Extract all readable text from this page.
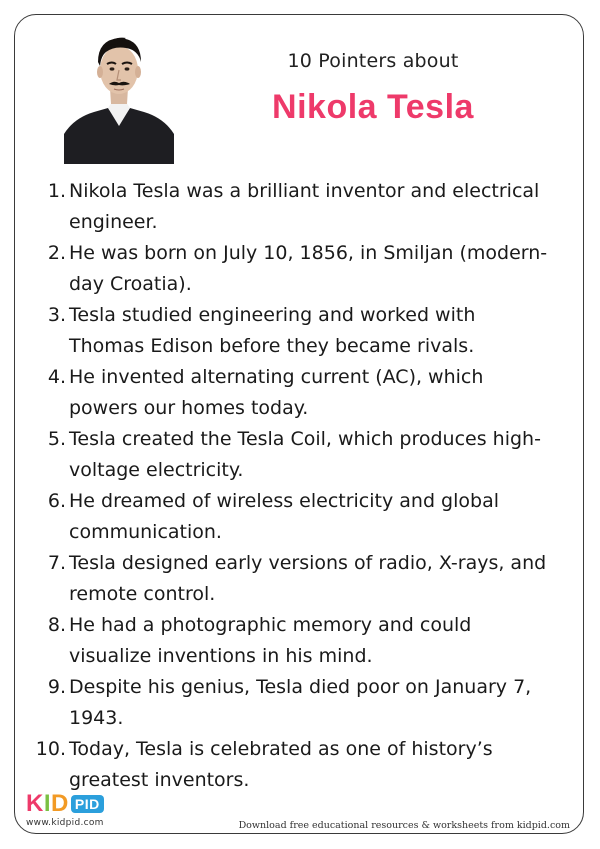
10 Pointers about
Nikola Tesla
1. Nikola Tesla was a brilliant inventor and electrical engineer.
2. He was born on July 10, 1856, in Smiljan (modern-day Croatia).
3. Tesla studied engineering and worked with Thomas Edison before they became rivals.
4. He invented alternating current (AC), which powers our homes today.
5. Tesla created the Tesla Coil, which produces high-voltage electricity.
6. He dreamed of wireless electricity and global communication.
7. Tesla designed early versions of radio, X-rays, and remote control.
8. He had a photographic memory and could visualize inventions in his mind.
9. Despite his genius, Tesla died poor on January 7, 1943.
10. Today, Tesla is celebrated as one of history’s greatest inventors.
K I D PID
www.kidpid.com	Download free educational resources & worksheets from kidpid.com
